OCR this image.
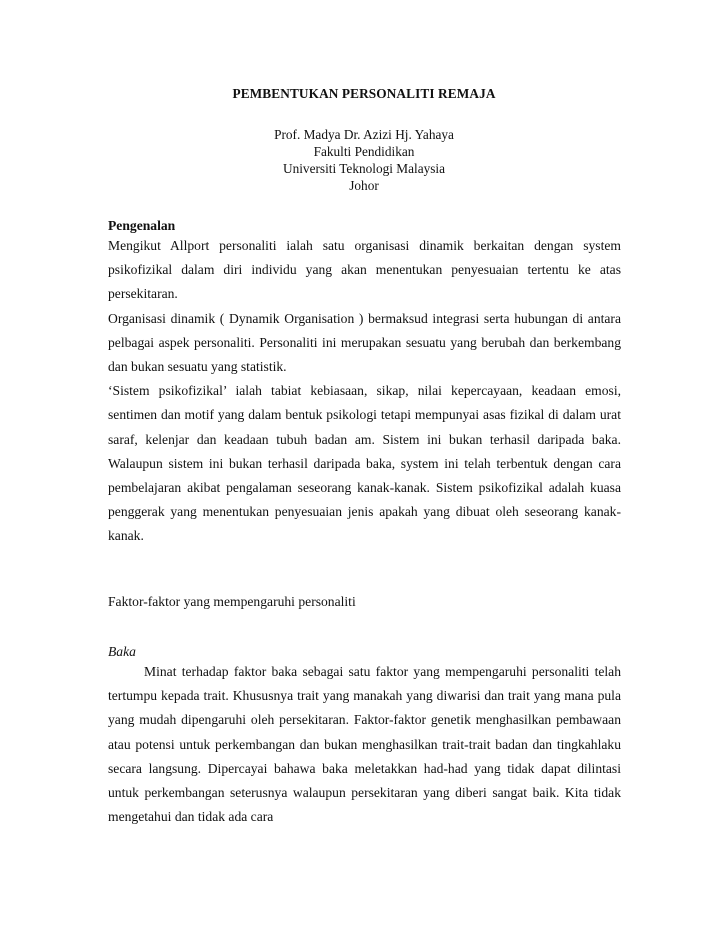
PEMBENTUKAN PERSONALITI REMAJA
Prof. Madya Dr. Azizi Hj. Yahaya
Fakulti Pendidikan
Universiti Teknologi Malaysia
Johor
Pengenalan

Mengikut Allport personaliti ialah satu organisasi dinamik berkaitan dengan system psikofizikal dalam diri individu yang akan menentukan penyesuaian tertentu ke atas persekitaran.

Organisasi dinamik ( Dynamik Organisation ) bermaksud integrasi serta hubungan di antara pelbagai aspek personaliti. Personaliti ini merupakan sesuatu yang berubah dan berkembang dan bukan sesuatu yang statistik.

‘Sistem psikofizikal’ ialah tabiat kebiasaan, sikap, nilai kepercayaan, keadaan emosi, sentimen dan motif yang dalam bentuk psikologi tetapi mempunyai asas fizikal di dalam urat saraf, kelenjar dan keadaan tubuh badan am. Sistem ini bukan terhasil daripada baka. Walaupun sistem ini bukan terhasil daripada baka, system ini telah terbentuk dengan cara pembelajaran akibat pengalaman seseorang kanak-kanak. Sistem psikofizikal adalah kuasa penggerak yang menentukan penyesuaian jenis apakah yang dibuat oleh seseorang kanak-kanak.

Faktor-faktor yang mempengaruhi personaliti
Baka

Minat terhadap faktor baka sebagai satu faktor yang mempengaruhi personaliti telah tertumpu kepada trait. Khususnya trait yang manakah yang diwarisi dan trait yang mana pula yang mudah dipengaruhi oleh persekitaran. Faktor-faktor genetik menghasilkan pembawaan atau potensi untuk perkembangan dan bukan menghasilkan trait-trait badan dan tingkahlaku secara langsung. Dipercayai bahawa baka meletakkan had-had yang tidak dapat dilintasi untuk perkembangan seterusnya walaupun persekitaran yang diberi sangat baik. Kita tidak mengetahui dan tidak ada cara
